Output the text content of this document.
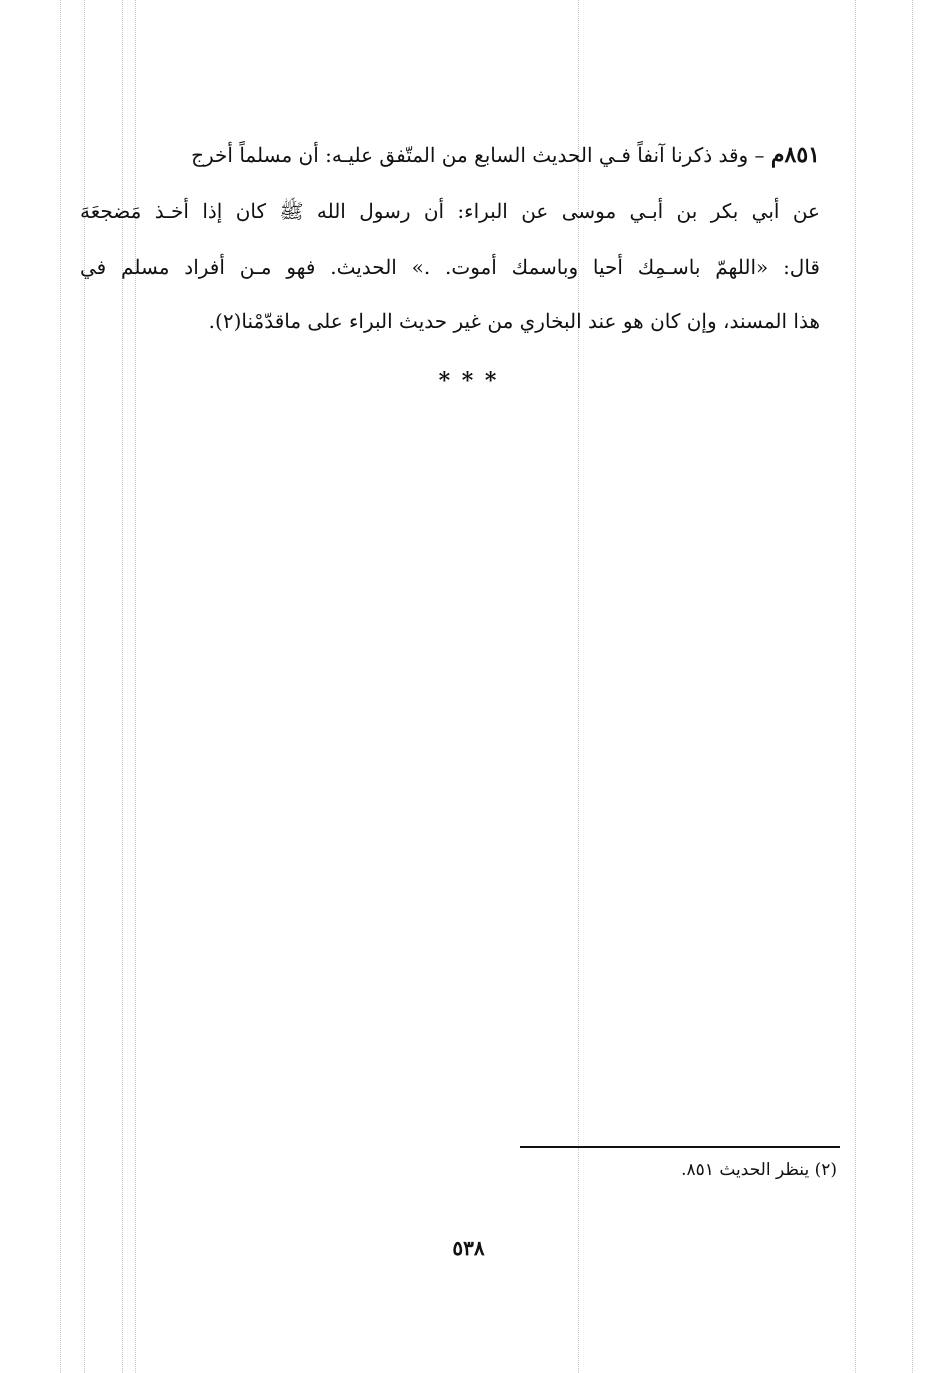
٨٥١م – وقد ذكرنا آنفاً فـي الحديث السابع من المتّفق عليـه: أن مسلماً أخرج
عن أبي بكر بن أبـي موسى عن البراء: أن رسول الله ﷺ كان إذا أخـذ مَضجعَهَ
قال: «اللهمّ باسـمِك أحيا وباسمك أموت. .» الحديث. فهو مـن أفراد مسلم في
هذا المسند، وإن كان هو عند البخاري من غير حديث البراء على ماقدّمْنا(٢).
* * *
(٢) ينظر الحديث ٨٥١.
٥٣٨
